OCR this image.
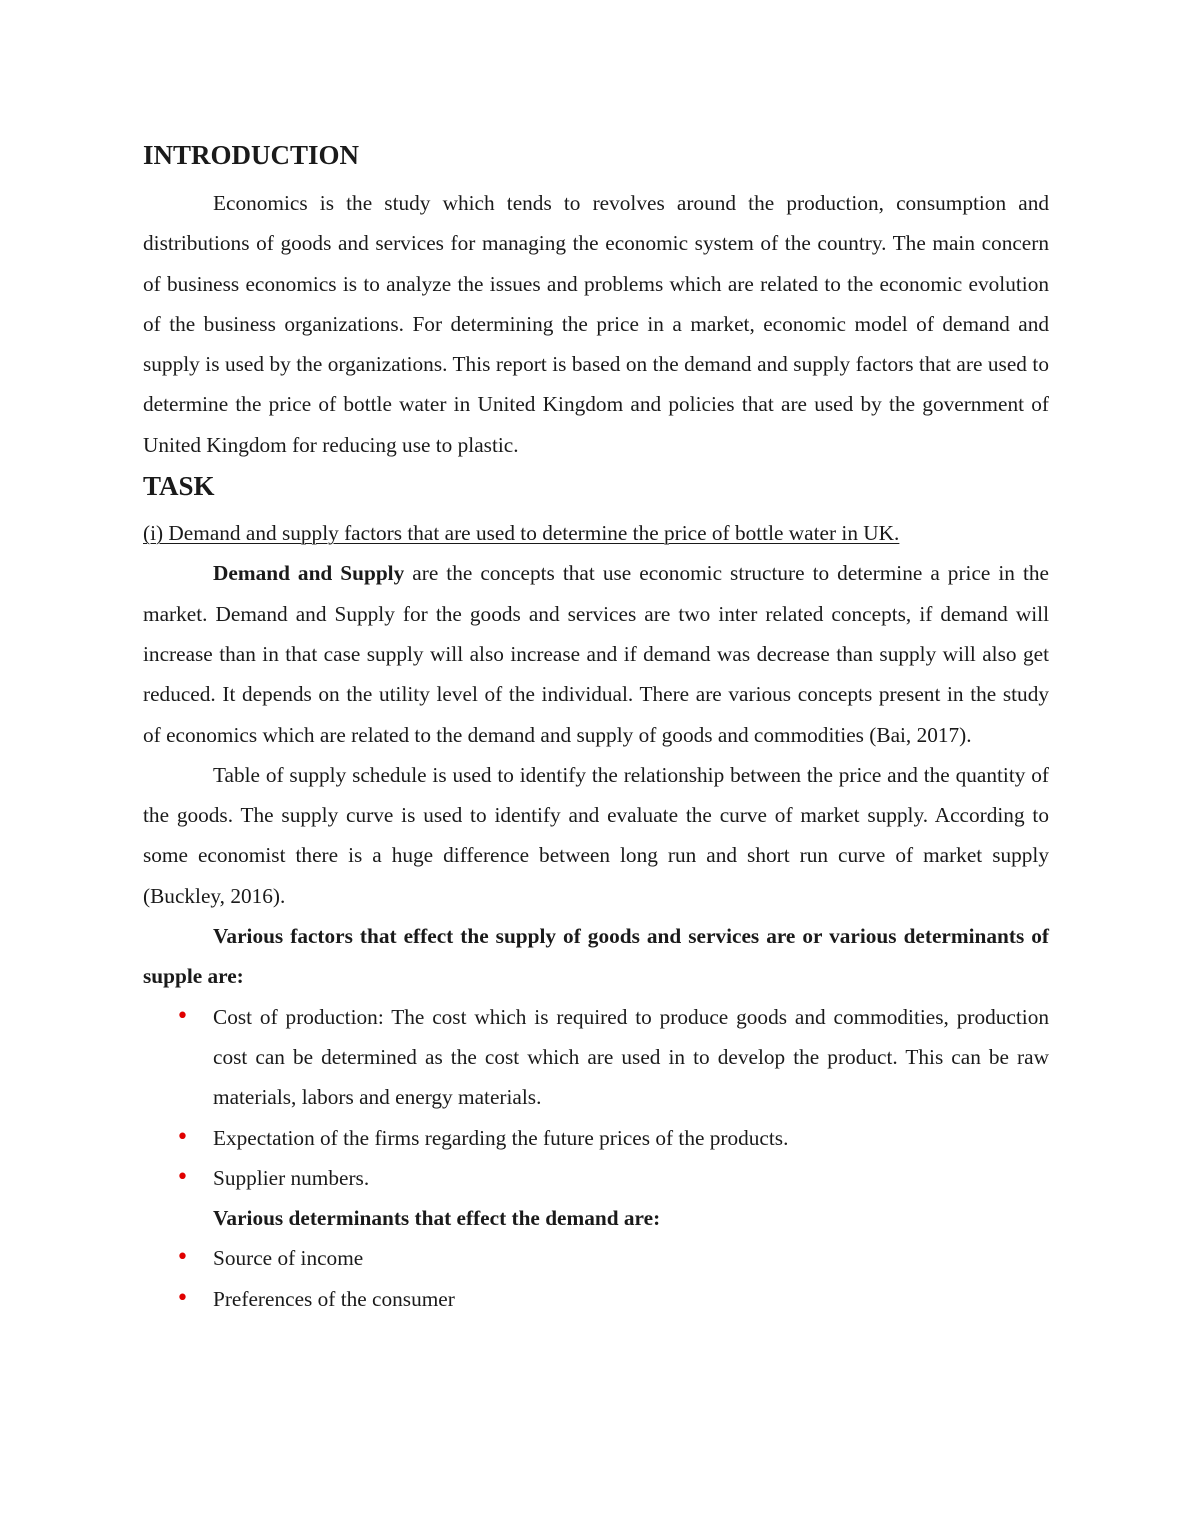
INTRODUCTION

Economics is the study which tends to revolves around the production, consumption and distributions of goods and services for managing the economic system of the country. The main concern of business economics is to analyze the issues and problems which are related to the economic evolution of the business organizations. For determining the price in a market, economic model of demand and supply is used by the organizations. This report is based on the demand and supply factors that are used to determine the price of bottle water in United Kingdom and policies that are used by the government of United Kingdom for reducing use to plastic.

TASK

(i) Demand and supply factors that are used to determine the price of bottle water in UK.

Demand and Supply are the concepts that use economic structure to determine a price in the market. Demand and Supply for the goods and services are two inter related concepts, if demand will increase than in that case supply will also increase and if demand was decrease than supply will also get reduced. It depends on the utility level of the individual. There are various concepts present in the study of economics which are related to the demand and supply of goods and commodities (Bai, 2017).

Table of supply schedule is used to identify the relationship between the price and the quantity of the goods. The supply curve is used to identify and evaluate the curve of market supply. According to some economist there is a huge difference between long run and short run curve of market supply (Buckley, 2016).

Various factors that effect the supply of goods and services are or various determinants of supple are:

• Cost of production: The cost which is required to produce goods and commodities, production cost can be determined as the cost which are used in to develop the product. This can be raw materials, labors and energy materials.
• Expectation of the firms regarding the future prices of the products.
• Supplier numbers.

Various determinants that effect the demand are:

• Source of income
• Preferences of the consumer
